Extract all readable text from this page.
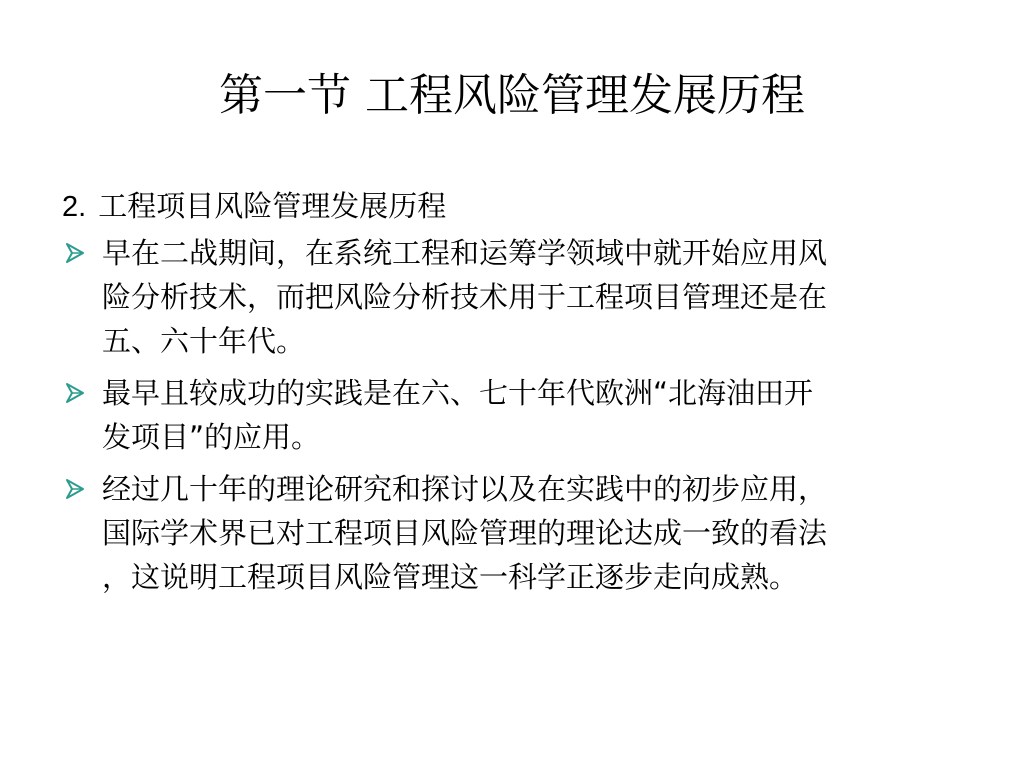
第一节 工程风险管理发展历程
2. 工程项目风险管理发展历程
早在二战期间，在系统工程和运筹学领域中就开始应用风
险分析技术，而把风险分析技术用于工程项目管理还是在
五、六十年代。
最早且较成功的实践是在六、七十年代欧洲“北海油田开
发项目”的应用。
经过几十年的理论研究和探讨以及在实践中的初步应用，
国际学术界已对工程项目风险管理的理论达成一致的看法
，这说明工程项目风险管理这一科学正逐步走向成熟。
